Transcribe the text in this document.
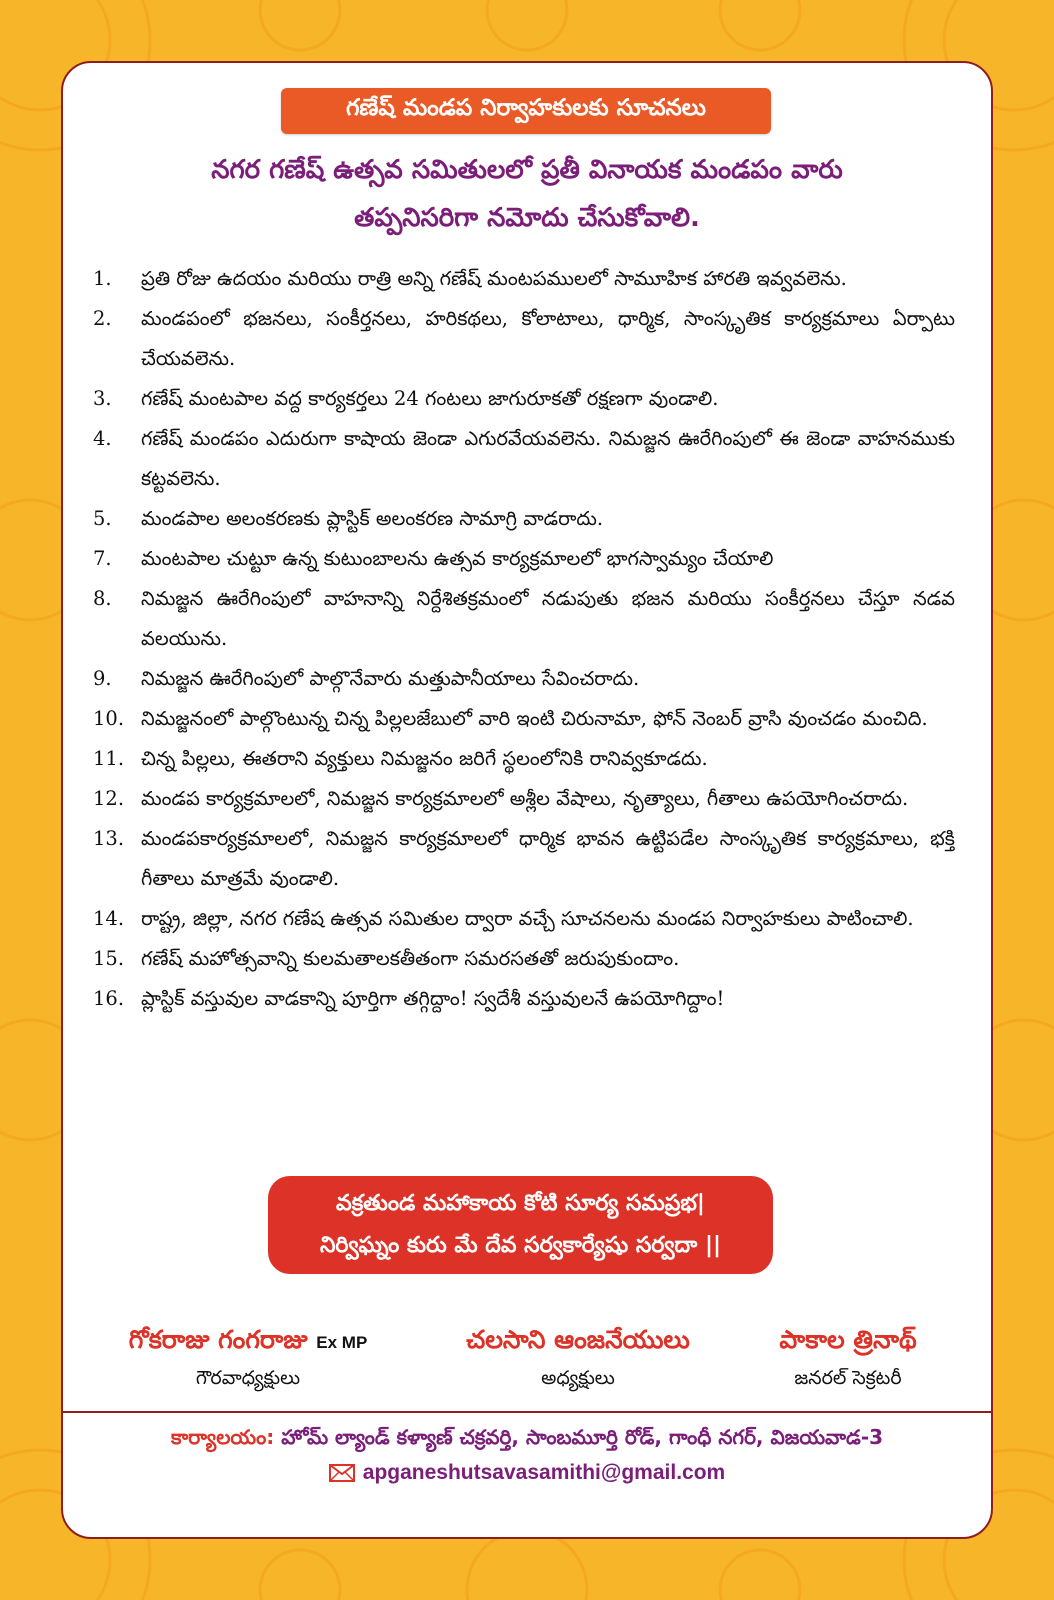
గణేష్ మండప నిర్వాహకులకు సూచనలు
నగర గణేష్ ఉత్సవ సమితులలో ప్రతీ వినాయక మండపం వారు
తప్పనిసరిగా నమోదు చేసుకోవాలి.
1.	ప్రతి రోజు ఉదయం మరియు రాత్రి అన్ని గణేష్ మంటపములలో సామూహిక హారతి ఇవ్వవలెను.
2.	మండపంలో భజనలు, సంకీర్తనలు, హరికథలు, కోలాటాలు, ధార్మిక, సాంస్కృతిక కార్యక్రమాలు ఏర్పాటు చేయవలెను.
3.	గణేష్ మంటపాల వద్ద కార్యకర్తలు 24 గంటలు జాగురూకతో రక్షణగా వుండాలి.
4.	గణేష్ మండపం ఎదురుగా కాషాయ జెండా ఎగురవేయవలెను. నిమజ్జన ఊరేగింపులో ఈ జెండా వాహనముకు కట్టవలెను.
5.	మండపాల అలంకరణకు ప్లాస్టిక్ అలంకరణ సామాగ్రి వాడరాదు.
7.	మంటపాల చుట్టూ ఉన్న కుటుంబాలను ఉత్సవ కార్యక్రమాలలో భాగస్వామ్యం చేయాలి
8.	నిమజ్జన ఊరేగింపులో వాహనాన్ని నిర్దేశితక్రమంలో నడుపుతు భజన మరియు సంకీర్తనలు చేస్తూ నడవ వలయును.
9.	నిమజ్జన ఊరేగింపులో పాల్గొనేవారు మత్తుపానీయాలు సేవించరాదు.
10. నిమజ్జనంలో పాల్గొంటున్న చిన్న పిల్లలజేబులో వారి ఇంటి చిరునామా, ఫోన్ నెంబర్ వ్రాసి వుంచడం మంచిది.
11. చిన్న పిల్లలు, ఈతరాని వ్యక్తులు నిమజ్జనం జరిగే స్థలంలోనికి రానివ్వకూడదు.
12. మండప కార్యక్రమాలలో, నిమజ్జన కార్యక్రమాలలో అశ్లీల వేషాలు, నృత్యాలు, గీతాలు ఉపయోగించరాదు.
13. మండపకార్యక్రమాలలో, నిమజ్జన కార్యక్రమాలలో ధార్మిక భావన ఉట్టిపడేల సాంస్కృతిక కార్యక్రమాలు, భక్తి గీతాలు మాత్రమే వుండాలి.
14. రాష్ట్ర, జిల్లా, నగర గణేష ఉత్సవ సమితుల ద్వారా వచ్చే సూచనలను మండప నిర్వాహకులు పాటించాలి.
15. గణేష్ మహోత్సవాన్ని కులమతాలకతీతంగా సమరసతతో జరుపుకుందాం.
16. ప్లాస్టిక్ వస్తువుల వాడకాన్ని పూర్తిగా తగ్గిద్దాం! స్వదేశీ వస్తువులనే ఉపయోగిద్దాం!
వక్రతుండ మహాకాయ కోటి సూర్య సమప్రభ|
నిర్విఘ్నం కురు మే దేవ సర్వకార్యేషు సర్వదా ||
గోకరాజు గంగరాజు Ex MP
గౌరవాధ్యక్షులు
చలసాని ఆంజనేయులు
అధ్యక్షులు
పాకాల త్రినాథ్
జనరల్ సెక్రటరీ
కార్యాలయం: హోమ్ ల్యాండ్ కళ్యాణ్ చక్రవర్తి, సాంబమూర్తి రోడ్, గాంధీ నగర్, విజయవాడ-3
apganeshutsavasamithi@gmail.com
